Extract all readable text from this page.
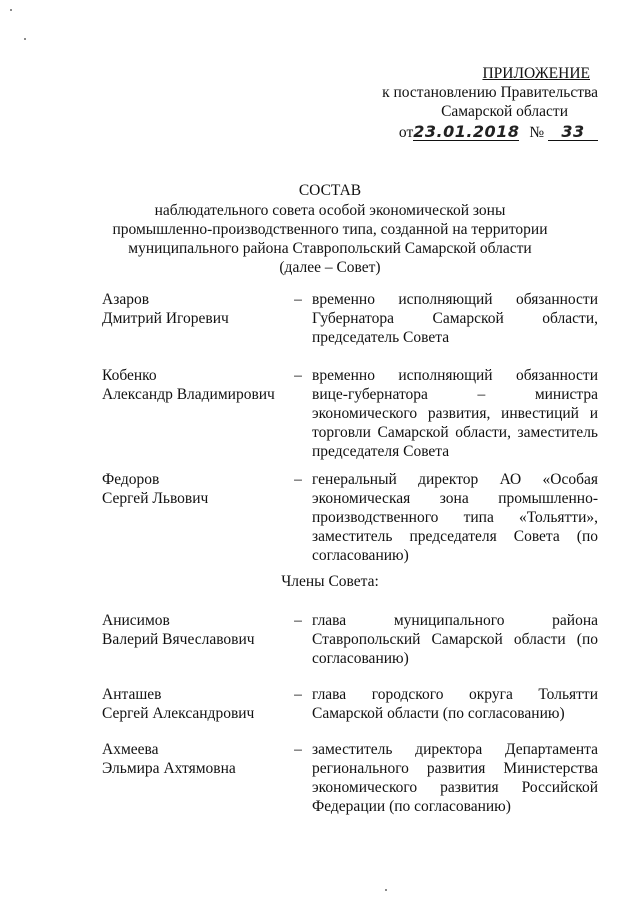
ПРИЛОЖЕНИЕ
к постановлению Правительства
Самарской области
от23.01.2018 № 33
СОСТАВ
наблюдательного совета особой экономической зоны
промышленно-производственного типа, созданной на территории
муниципального района Ставропольский Самарской области
(далее – Совет)
Азаров
Дмитрий Игоревич
– временно исполняющий обязанности Губернатора Самарской области, председатель Совета
Кобенко
Александр Владимирович
– временно исполняющий обязанности вице-губернатора – министра экономического развития, инвестиций и торговли Самарской области, заместитель председателя Совета
Федоров
Сергей Львович
– генеральный директор АО «Особая экономическая зона промышленно-производственного типа «Тольятти», заместитель председателя Совета (по согласованию)
Члены Совета:
Анисимов
Валерий Вячеславович
– глава муниципального района Ставропольский Самарской области (по согласованию)
Анташев
Сергей Александрович
– глава городского округа Тольятти Самарской области (по согласованию)
Ахмеева
Эльмира Ахтямовна
– заместитель директора Департамента регионального развития Министерства экономического развития Российской Федерации (по согласованию)
